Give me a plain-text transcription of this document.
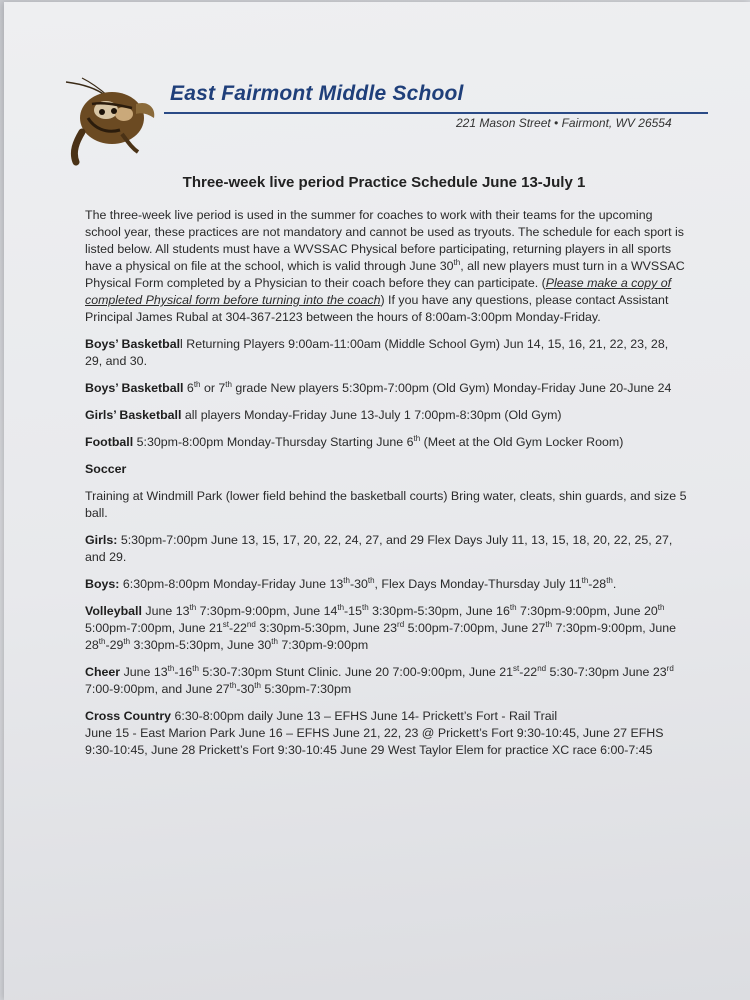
East Fairmont Middle School
221 Mason Street • Fairmont, WV 26554
Three-week live period Practice Schedule June 13-July 1

The three-week live period is used in the summer for coaches to work with their teams for the upcoming school year, these practices are not mandatory and cannot be used as tryouts. The schedule for each sport is listed below. All students must have a WVSSAC Physical before participating, returning players in all sports have a physical on file at the school, which is valid through June 30th, all new players must turn in a WVSSAC Physical Form completed by a Physician to their coach before they can participate. (Please make a copy of completed Physical form before turning into the coach) If you have any questions, please contact Assistant Principal James Rubal at 304-367-2123 between the hours of 8:00am-3:00pm Monday-Friday.

Boys’ Basketball Returning Players 9:00am-11:00am (Middle School Gym) Jun 14, 15, 16, 21, 22, 23, 28, 29, and 30.

Boys’ Basketball 6th or 7th grade New players 5:30pm-7:00pm (Old Gym) Monday-Friday June 20-June 24

Girls’ Basketball all players Monday-Friday June 13-July 1 7:00pm-8:30pm (Old Gym)

Football 5:30pm-8:00pm Monday-Thursday Starting June 6th (Meet at the Old Gym Locker Room)

Soccer

Training at Windmill Park (lower field behind the basketball courts) Bring water, cleats, shin guards, and size 5 ball.

Girls: 5:30pm-7:00pm June 13, 15, 17, 20, 22, 24, 27, and 29 Flex Days July 11, 13, 15, 18, 20, 22, 25, 27, and 29.

Boys: 6:30pm-8:00pm Monday-Friday June 13th-30th, Flex Days Monday-Thursday July 11th-28th.

Volleyball June 13th 7:30pm-9:00pm, June 14th-15th 3:30pm-5:30pm, June 16th 7:30pm-9:00pm, June 20th 5:00pm-7:00pm, June 21st-22nd 3:30pm-5:30pm, June 23rd 5:00pm-7:00pm, June 27th 7:30pm-9:00pm, June 28th-29th 3:30pm-5:30pm, June 30th 7:30pm-9:00pm

Cheer June 13th-16th 5:30-7:30pm Stunt Clinic. June 20 7:00-9:00pm, June 21st-22nd 5:30-7:30pm June 23rd 7:00-9:00pm, and June 27th-30th 5:30pm-7:30pm

Cross Country 6:30-8:00pm daily June 13 – EFHS June 14- Prickett’s Fort - Rail Trail
June 15 - East Marion Park June 16 – EFHS June 21, 22, 23 @ Prickett’s Fort 9:30-10:45, June 27 EFHS
9:30-10:45, June 28 Prickett’s Fort 9:30-10:45 June 29 West Taylor Elem for practice XC race 6:00-7:45
